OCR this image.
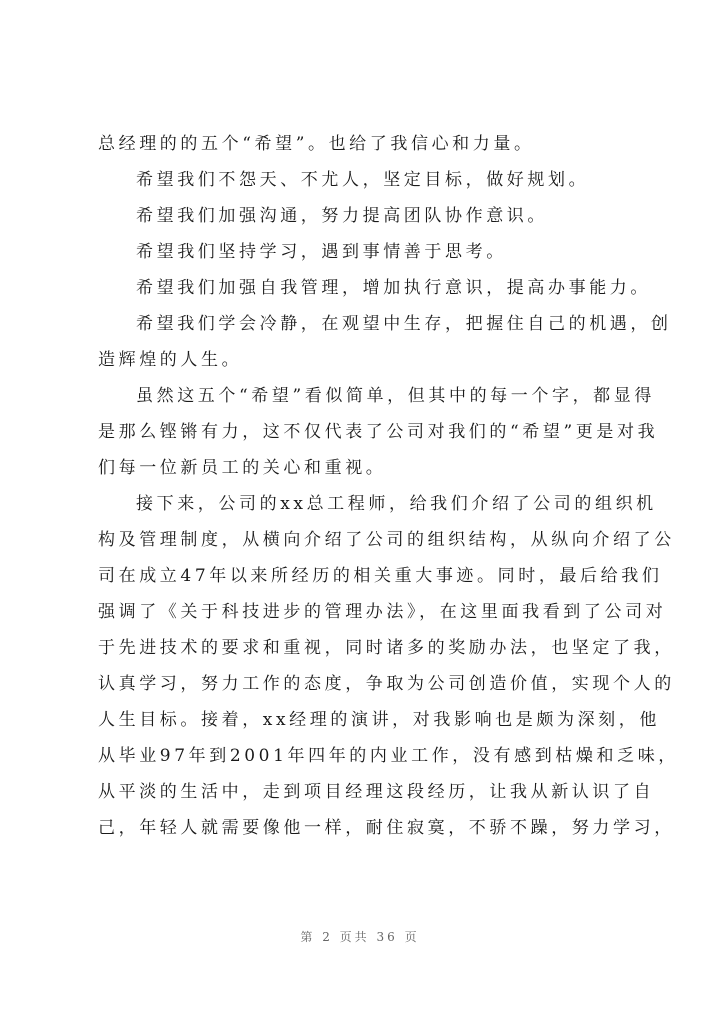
总经理的的五个“希望”。也给了我信心和力量。

希望我们不怨天、不尤人，坚定目标，做好规划。

希望我们加强沟通，努力提高团队协作意识。

希望我们坚持学习，遇到事情善于思考。

希望我们加强自我管理，增加执行意识，提高办事能力。

希望我们学会冷静，在观望中生存，把握住自己的机遇，创
造辉煌的人生。

虽然这五个“希望”看似简单，但其中的每一个字，都显得
是那么铿锵有力，这不仅代表了公司对我们的“希望”更是对我
们每一位新员工的关心和重视。

接下来，公司的xx总工程师，给我们介绍了公司的组织机
构及管理制度，从横向介绍了公司的组织结构，从纵向介绍了公
司在成立47年以来所经历的相关重大事迹。同时，最后给我们
强调了《关于科技进步的管理办法》，在这里面我看到了公司对
于先进技术的要求和重视，同时诸多的奖励办法，也坚定了我，
认真学习，努力工作的态度，争取为公司创造价值，实现个人的
人生目标。接着，xx经理的演讲，对我影响也是颇为深刻，他
从毕业97年到2001年四年的内业工作，没有感到枯燥和乏味，
从平淡的生活中，走到项目经理这段经历，让我从新认识了自
己，年轻人就需要像他一样，耐住寂寞，不骄不躁，努力学习，

第 2 页共 36 页
